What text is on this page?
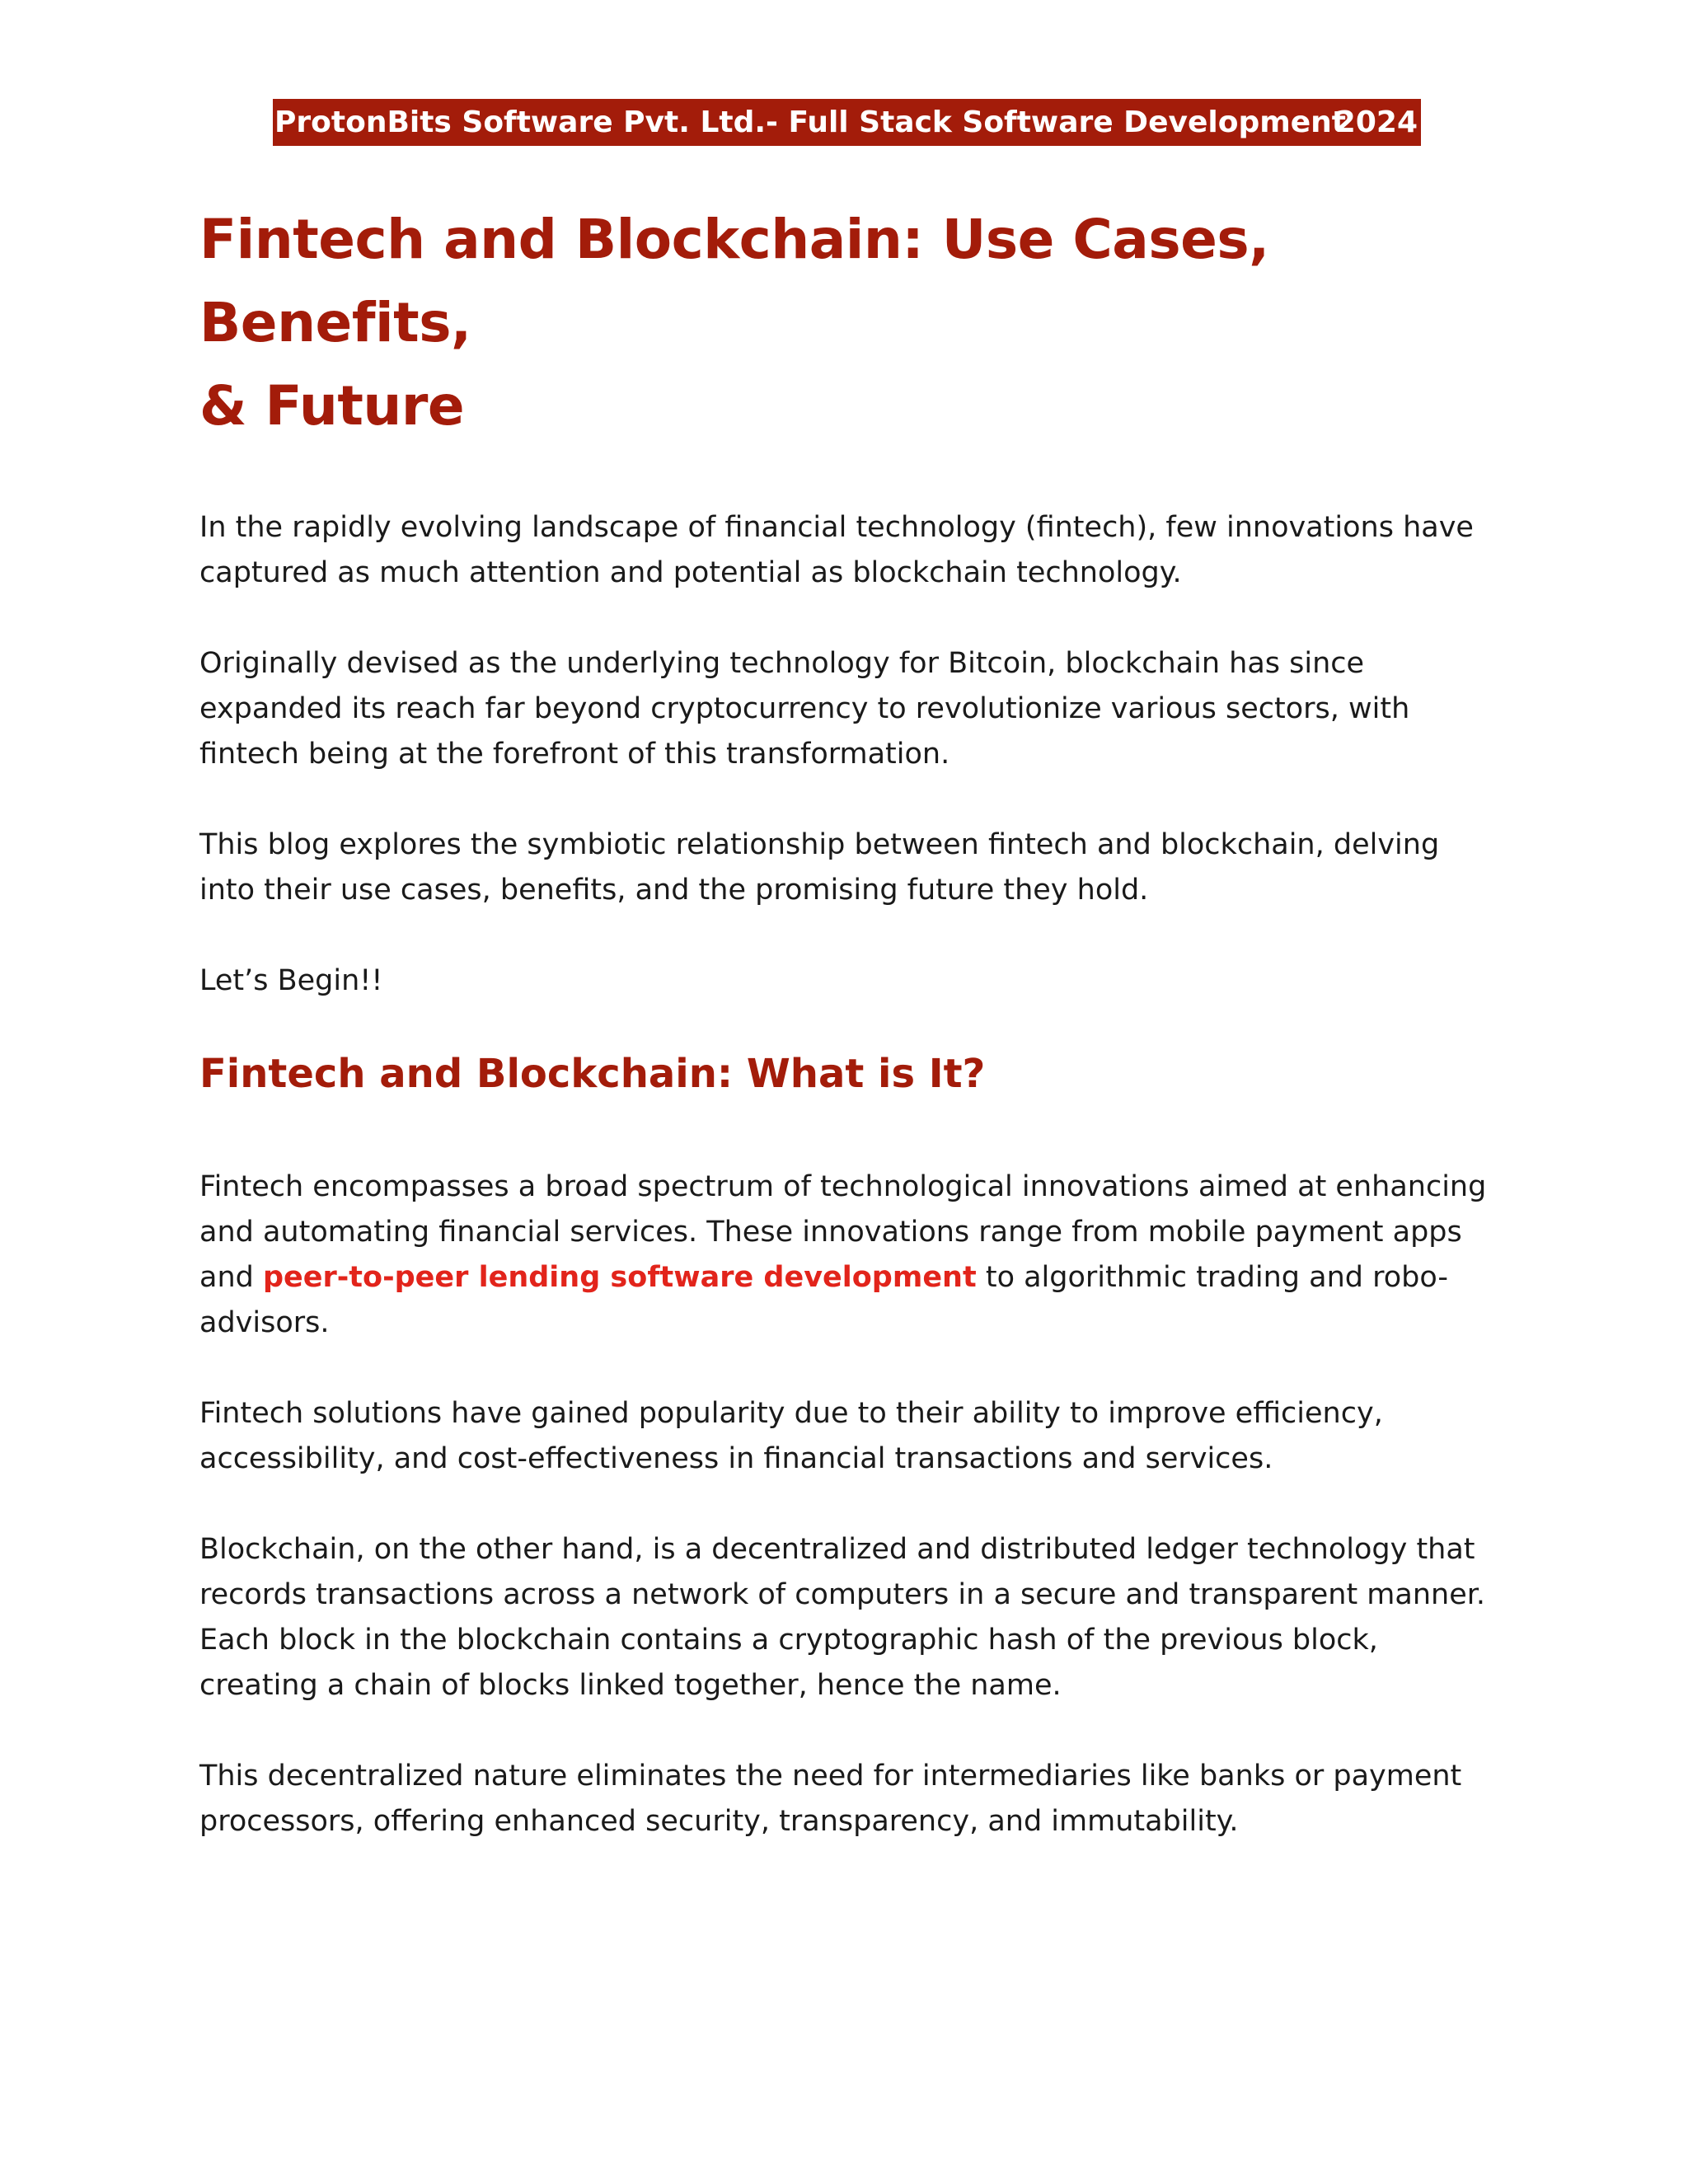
ProtonBits Software Pvt. Ltd.- Full Stack Software Development
2024
Fintech and Blockchain: Use Cases, Benefits,
& Future

In the rapidly evolving landscape of financial technology (fintech), few innovations have captured as much attention and potential as blockchain technology.

Originally devised as the underlying technology for Bitcoin, blockchain has since expanded its reach far beyond cryptocurrency to revolutionize various sectors, with fintech being at the forefront of this transformation.

This blog explores the symbiotic relationship between fintech and blockchain, delving into their use cases, benefits, and the promising future they hold.

Let’s Begin!!

Fintech and Blockchain: What is It?

Fintech encompasses a broad spectrum of technological innovations aimed at enhancing and automating financial services. These innovations range from mobile payment apps and peer-to-peer lending software development to algorithmic trading and robo-advisors.

Fintech solutions have gained popularity due to their ability to improve efficiency, accessibility, and cost-effectiveness in financial transactions and services.

Blockchain, on the other hand, is a decentralized and distributed ledger technology that records transactions across a network of computers in a secure and transparent manner. Each block in the blockchain contains a cryptographic hash of the previous block, creating a chain of blocks linked together, hence the name.

This decentralized nature eliminates the need for intermediaries like banks or payment processors, offering enhanced security, transparency, and immutability.
